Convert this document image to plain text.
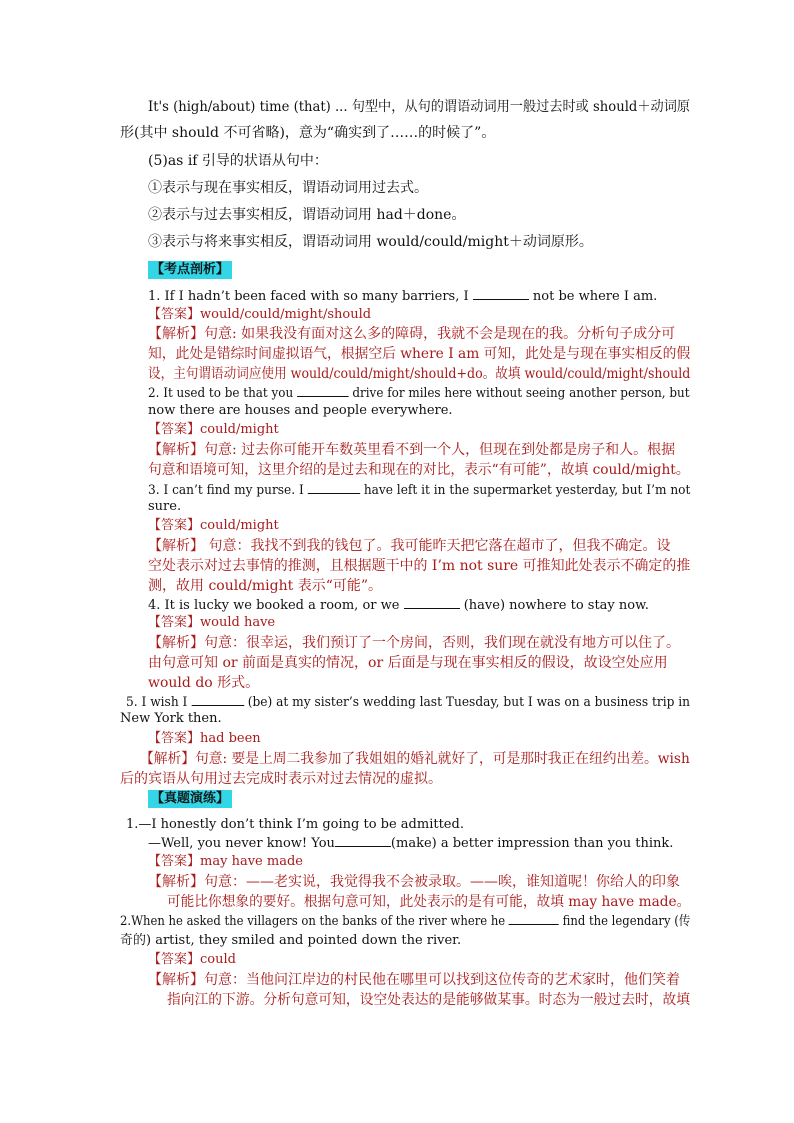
It's (high/about) time (that) ... 句型中，从句的谓语动词用一般过去时或 should＋动词原
形(其中 should 不可省略)，意为“确实到了……的时候了”。
(5)as if 引导的状语从句中：
①表示与现在事实相反，谓语动词用过去式。
②表示与过去事实相反，谓语动词用 had＋done。
③表示与将来事实相反，谓语动词用 would/could/might＋动词原形。
【考点剖析】
1. If I hadn’t been faced with so many barriers, I	not be where I am.
【答案】would/could/might/should
【解析】句意: 如果我没有面对这么多的障碍，我就不会是现在的我。分析句子成分可
知，此处是错综时间虚拟语气，根据空后 where I am 可知，此处是与现在事实相反的假
设，主句谓语动词应使用 would/could/might/should+do。故填 would/could/might/should
2. It used to be that you	drive for miles here without seeing another person, but
now there are houses and people everywhere.
【答案】could/might
【解析】句意: 过去你可能开车数英里看不到一个人，但现在到处都是房子和人。根据
句意和语境可知，这里介绍的是过去和现在的对比，表示“有可能”，故填 could/might。
3. I can’t find my purse. I	have left it in the supermarket yesterday, but I’m not
sure.
【答案】could/might
【解析】 句意：我找不到我的钱包了。我可能昨天把它落在超市了，但我不确定。设
空处表示对过去事情的推测，且根据题干中的 I’m not sure 可推知此处表示不确定的推
测，故用 could/might 表示“可能”。
4. It is lucky we booked a room, or we	(have) nowhere to stay now.
【答案】would have
【解析】句意：很幸运，我们预订了一个房间，否则，我们现在就没有地方可以住了。
由句意可知 or 前面是真实的情况，or 后面是与现在事实相反的假设，故设空处应用
would do 形式。
5. I wish I	(be) at my sister’s wedding last Tuesday, but I was on a business trip in
New York then.
【答案】had been
【解析】句意: 要是上周二我参加了我姐姐的婚礼就好了，可是那时我正在纽约出差。wish
后的宾语从句用过去完成时表示对过去情况的虚拟。
【真题演练】
1.—I honestly don’t think I’m going to be admitted.
—Well, you never know! You	(make) a better impression than you think.
【答案】may have made
【解析】句意：——老实说，我觉得我不会被录取。——唉，谁知道呢！你给人的印象
可能比你想象的要好。根据句意可知，此处表示的是有可能，故填 may have made。
2.When he asked the villagers on the banks of the river where he	find the legendary (传
奇的) artist, they smiled and pointed down the river.
【答案】could
【解析】句意：当他问江岸边的村民他在哪里可以找到这位传奇的艺术家时，他们笑着
指向江的下游。分析句意可知，设空处表达的是能够做某事。时态为一般过去时，故填
